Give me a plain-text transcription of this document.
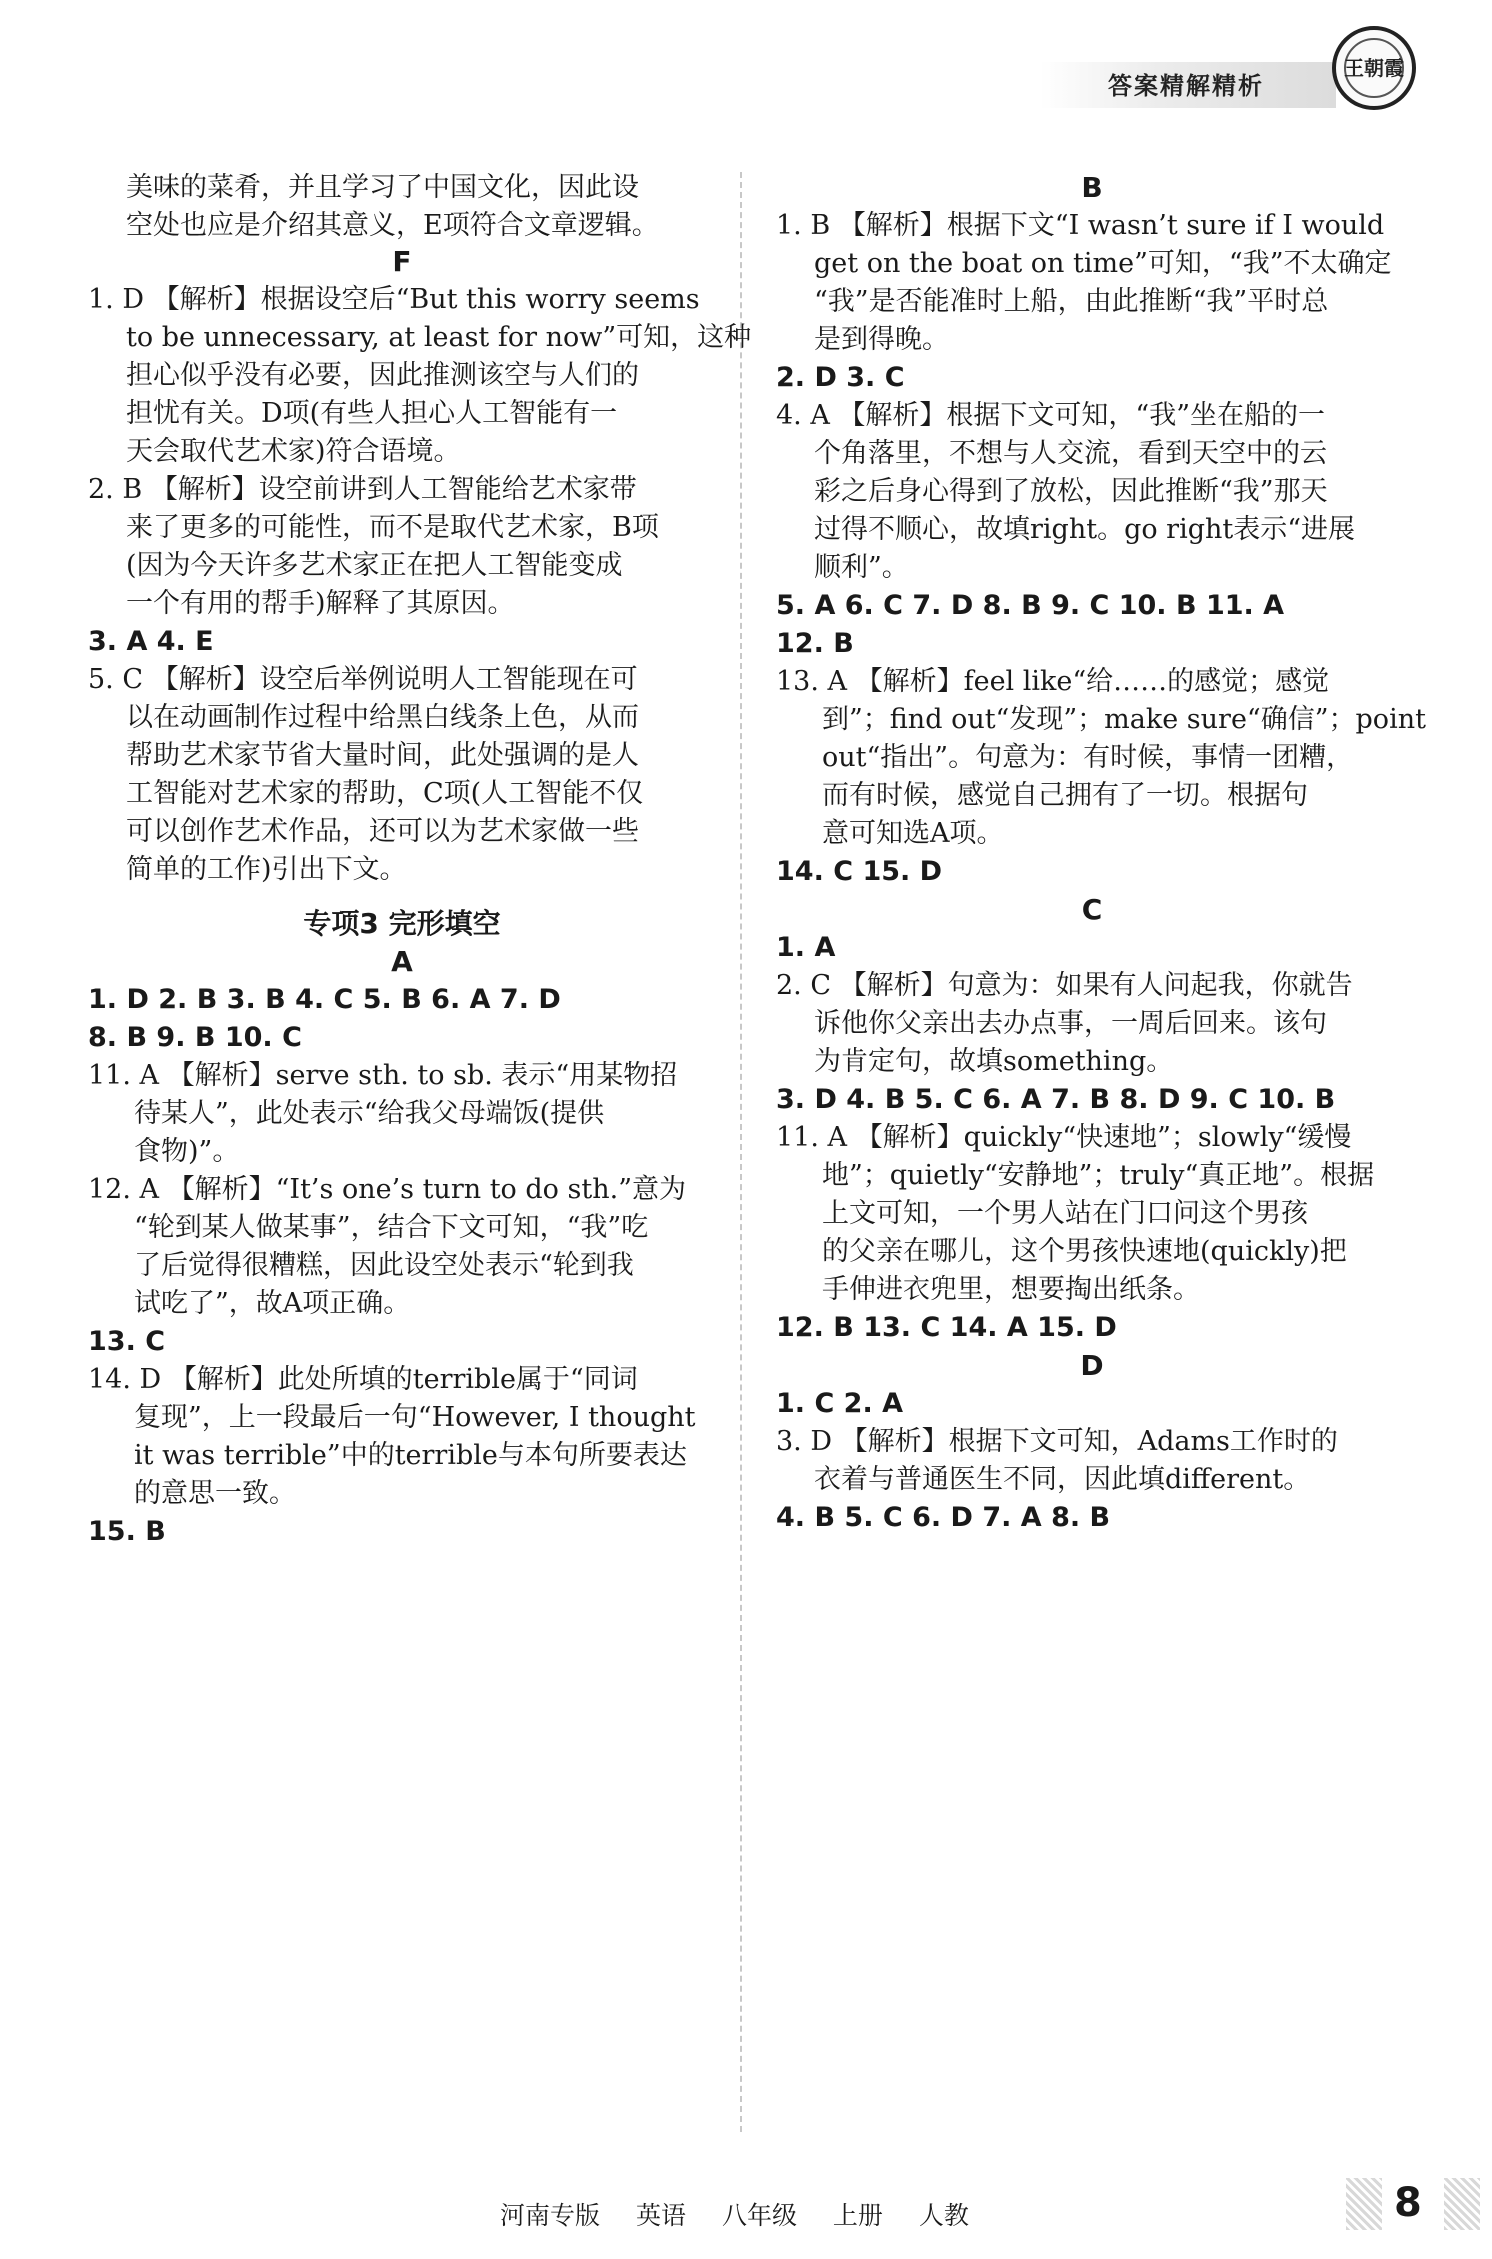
答案精解精析
王朝霞
美味的菜肴，并且学习了中国文化，因此设
空处也应是介绍其意义，E项符合文章逻辑。
F
1. D 【解析】根据设空后“But this worry seems
to be unnecessary, at least for now”可知，这种
担心似乎没有必要，因此推测该空与人们的
担忧有关。D项(有些人担心人工智能有一
天会取代艺术家)符合语境。
2. B 【解析】设空前讲到人工智能给艺术家带
来了更多的可能性，而不是取代艺术家，B项
(因为今天许多艺术家正在把人工智能变成
一个有用的帮手)解释了其原因。
3. A 4. E
5. C 【解析】设空后举例说明人工智能现在可
以在动画制作过程中给黑白线条上色，从而
帮助艺术家节省大量时间，此处强调的是人
工智能对艺术家的帮助，C项(人工智能不仅
可以创作艺术作品，还可以为艺术家做一些
简单的工作)引出下文。
专项3 完形填空
A
1. D 2. B 3. B 4. C 5. B 6. A 7. D
8. B 9. B 10. C
11. A 【解析】serve sth. to sb. 表示“用某物招
待某人”，此处表示“给我父母端饭(提供
食物)”。
12. A 【解析】“It’s one’s turn to do sth.”意为
“轮到某人做某事”，结合下文可知，“我”吃
了后觉得很糟糕，因此设空处表示“轮到我
试吃了”，故A项正确。
13. C
14. D 【解析】此处所填的terrible属于“同词
复现”，上一段最后一句“However, I thought
it was terrible”中的terrible与本句所要表达
的意思一致。
15. B
B
1. B 【解析】根据下文“I wasn’t sure if I would
get on the boat on time”可知，“我”不太确定
“我”是否能准时上船，由此推断“我”平时总
是到得晚。
2. D 3. C
4. A 【解析】根据下文可知，“我”坐在船的一
个角落里，不想与人交流，看到天空中的云
彩之后身心得到了放松，因此推断“我”那天
过得不顺心，故填right。go right表示“进展
顺利”。
5. A 6. C 7. D 8. B 9. C 10. B 11. A
12. B
13. A 【解析】feel like“给……的感觉；感觉
到”；find out“发现”；make sure“确信”；point
out“指出”。句意为：有时候，事情一团糟，
而有时候，感觉自己拥有了一切。根据句
意可知选A项。
14. C 15. D
C
1. A
2. C 【解析】句意为：如果有人问起我，你就告
诉他你父亲出去办点事，一周后回来。该句
为肯定句，故填something。
3. D 4. B 5. C 6. A 7. B 8. D 9. C 10. B
11. A 【解析】quickly“快速地”；slowly“缓慢
地”；quietly“安静地”；truly“真正地”。根据
上文可知，一个男人站在门口问这个男孩
的父亲在哪儿，这个男孩快速地(quickly)把
手伸进衣兜里，想要掏出纸条。
12. B 13. C 14. A 15. D
D
1. C 2. A
3. D 【解析】根据下文可知，Adams工作时的
衣着与普通医生不同，因此填different。
4. B 5. C 6. D 7. A 8. B
河南专版 英语 八年级 上册 人教	8
